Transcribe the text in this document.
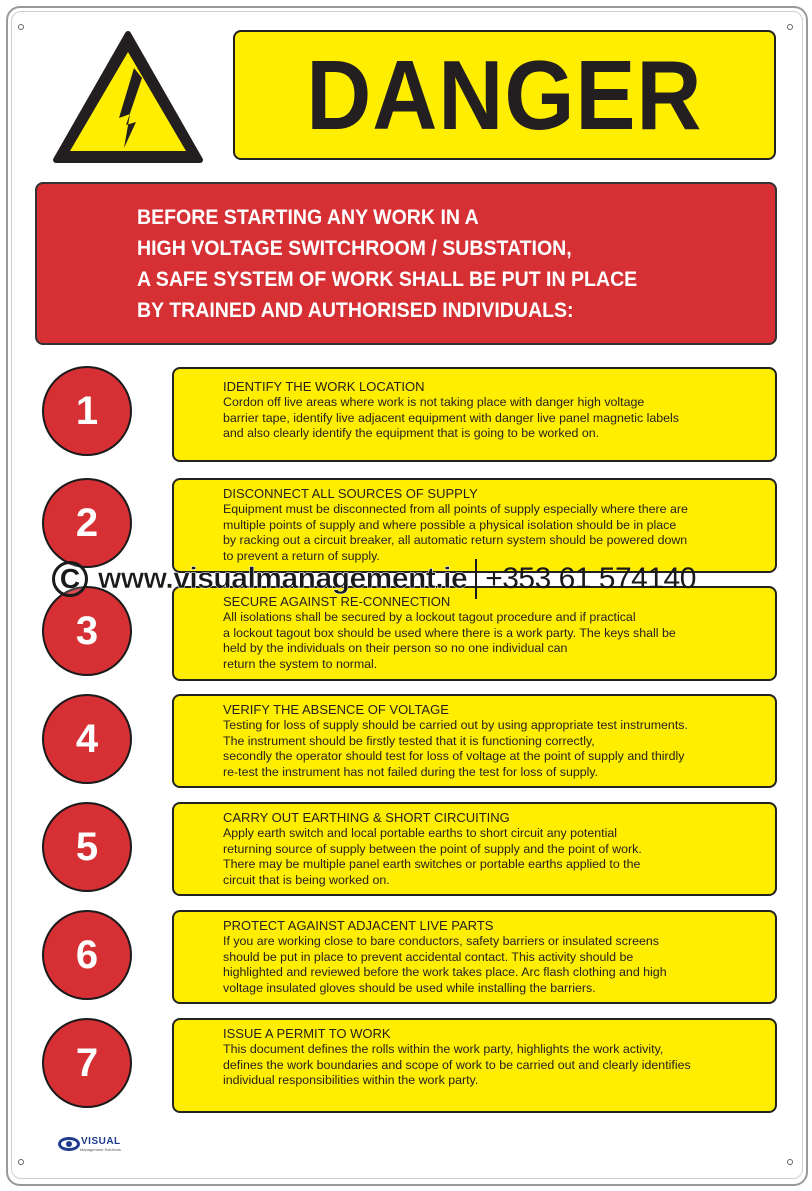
DANGER
BEFORE STARTING ANY WORK IN A
HIGH VOLTAGE SWITCHROOM / SUBSTATION,
A SAFE SYSTEM OF WORK SHALL BE PUT IN PLACE
BY TRAINED AND AUTHORISED INDIVIDUALS:
1
IDENTIFY THE WORK LOCATION
Cordon off live areas where work is not taking place with danger high voltage
barrier tape, identify live adjacent equipment with danger live panel magnetic labels
and also clearly identify the equipment that is going to be worked on.
2
DISCONNECT ALL SOURCES OF SUPPLY
Equipment must be disconnected from all points of supply especially where there are
multiple points of supply and where possible a physical isolation should be in place
by racking out a circuit breaker, all automatic return system should be powered down
to prevent a return of supply.
3
SECURE AGAINST RE-CONNECTION
All isolations shall be secured by a lockout tagout procedure and if practical
a lockout tagout box should be used where there is a work party. The keys shall be
held by the individuals on their person so no one individual can
return the system to normal.
4
VERIFY THE ABSENCE OF VOLTAGE
Testing for loss of supply should be carried out by using appropriate test instruments.
The instrument should be firstly tested that it is functioning correctly,
secondly the operator should test for loss of voltage at the point of supply and thirdly
re-test the instrument has not failed during the test for loss of supply.
5
CARRY OUT EARTHING & SHORT CIRCUITING
Apply earth switch and local portable earths to short circuit any potential
returning source of supply between the point of supply and the point of work.
There may be multiple panel earth switches or portable earths applied to the
circuit that is being worked on.
6
PROTECT AGAINST ADJACENT LIVE PARTS
If you are working close to bare conductors, safety barriers or insulated screens
should be put in place to prevent accidental contact. This activity should be
highlighted and reviewed before the work takes place. Arc flash clothing and high
voltage insulated gloves should be used while installing the barriers.
7
ISSUE A PERMIT TO WORK
This document defines the rolls within the work party, highlights the work activity,
defines the work boundaries and scope of work to be carried out and clearly identifies
individual responsibilities within the work party.
C www.visualmanagement.ie +353 61 574140
VISUAL
Management Solutions
